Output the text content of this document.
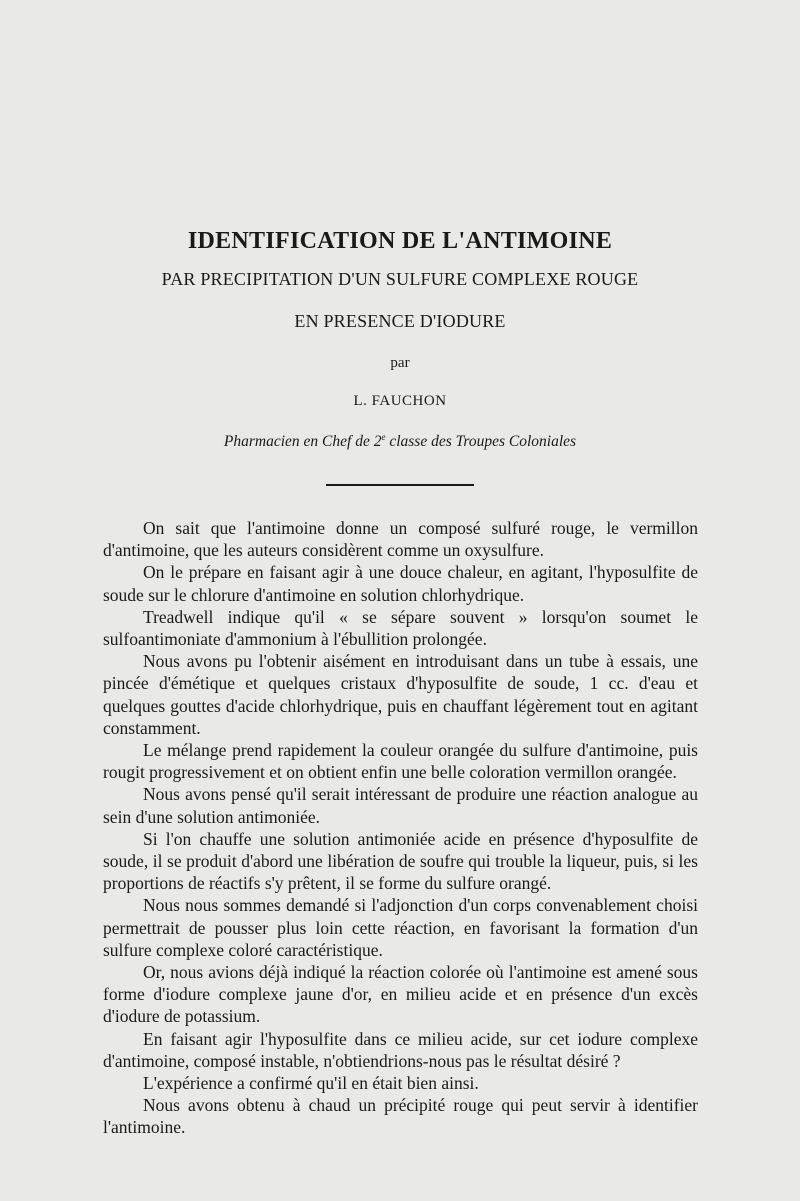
IDENTIFICATION DE L'ANTIMOINE
PAR PRECIPITATION D'UN SULFURE COMPLEXE ROUGE
EN PRESENCE D'IODURE
par
L. FAUCHON
Pharmacien en Chef de 2e classe des Troupes Coloniales

On sait que l'antimoine donne un composé sulfuré rouge, le vermillon d'antimoine, que les auteurs considèrent comme un oxysulfure.

On le prépare en faisant agir à une douce chaleur, en agitant, l'hyposulfite de soude sur le chlorure d'antimoine en solution chlorhydrique.

Treadwell indique qu'il « se sépare souvent » lorsqu'on soumet le sulfoantimoniate d'ammonium à l'ébullition prolongée.

Nous avons pu l'obtenir aisément en introduisant dans un tube à essais, une pincée d'émétique et quelques cristaux d'hyposulfite de soude, 1 cc. d'eau et quelques gouttes d'acide chlorhydrique, puis en chauffant légèrement tout en agitant constamment.

Le mélange prend rapidement la couleur orangée du sulfure d'antimoine, puis rougit progressivement et on obtient enfin une belle coloration vermillon orangée.

Nous avons pensé qu'il serait intéressant de produire une réaction analogue au sein d'une solution antimoniée.

Si l'on chauffe une solution antimoniée acide en présence d'hyposulfite de soude, il se produit d'abord une libération de soufre qui trouble la liqueur, puis, si les proportions de réactifs s'y prêtent, il se forme du sulfure orangé.

Nous nous sommes demandé si l'adjonction d'un corps convenablement choisi permettrait de pousser plus loin cette réaction, en favorisant la formation d'un sulfure complexe coloré caractéristique.

Or, nous avions déjà indiqué la réaction colorée où l'antimoine est amené sous forme d'iodure complexe jaune d'or, en milieu acide et en présence d'un excès d'iodure de potassium.

En faisant agir l'hyposulfite dans ce milieu acide, sur cet iodure complexe d'antimoine, composé instable, n'obtiendrions-nous pas le résultat désiré ?

L'expérience a confirmé qu'il en était bien ainsi.

Nous avons obtenu à chaud un précipité rouge qui peut servir à identifier l'antimoine.
